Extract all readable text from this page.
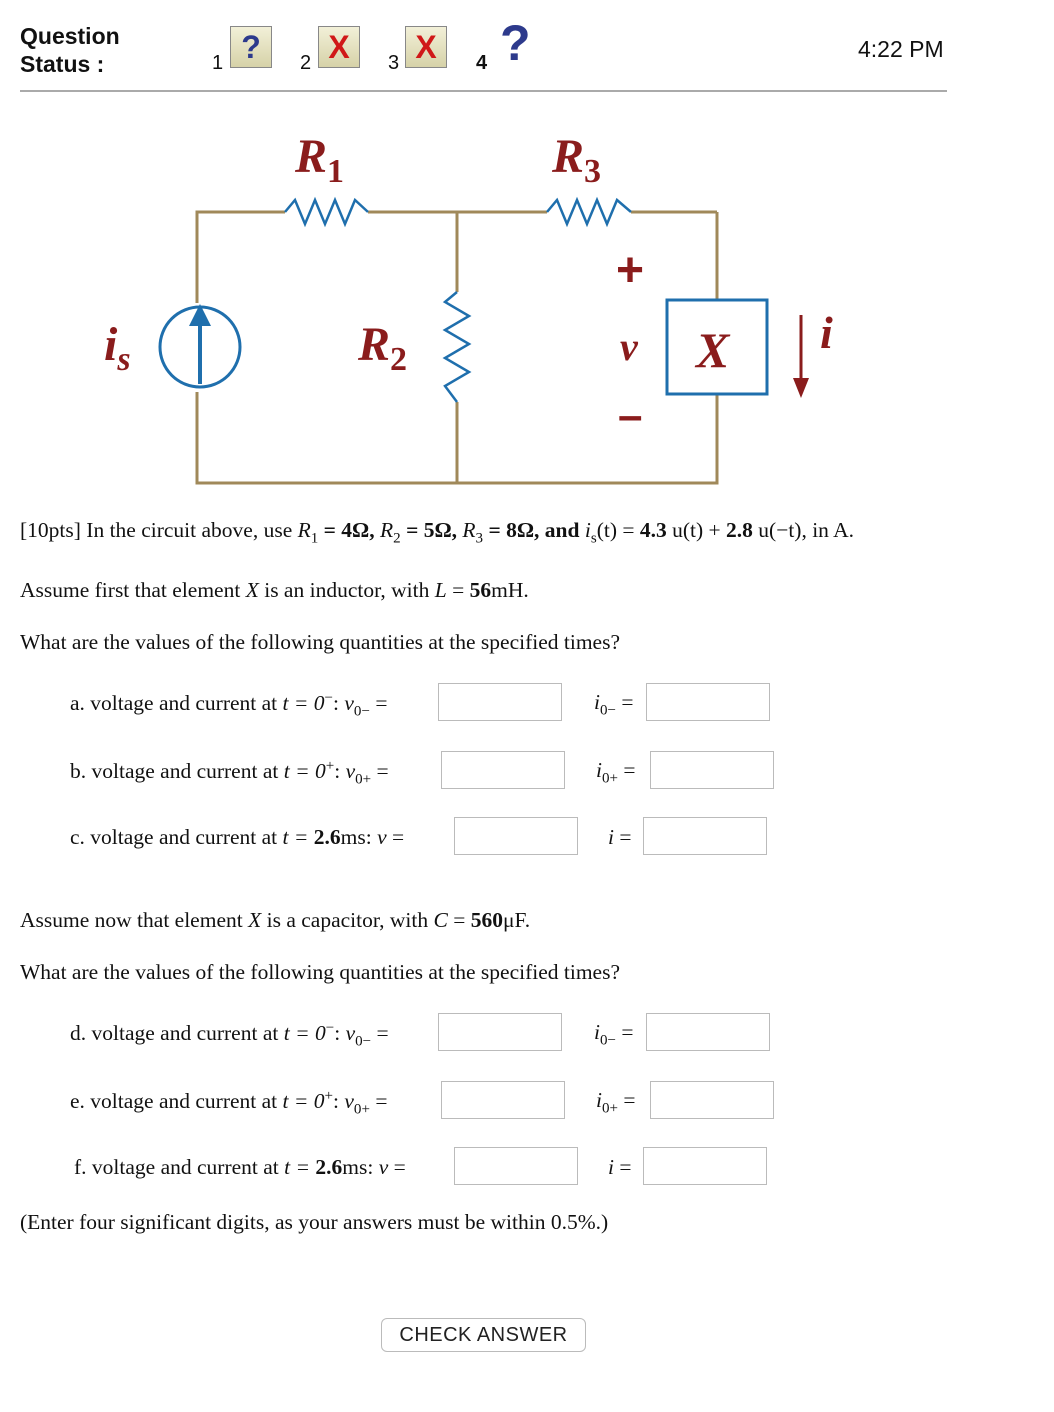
Question
Status :	1 ?	2 X	3 X	4 ?	4:22 PM
$R_1$	$R_3$
$R_2$
$i_s$	v X i
+
–
[10pts] In the circuit above, use $R_1 = 4\Omega$, $R_2 = 5\Omega$, $R_3 = 8\Omega$, and $i_s(t) = 4.3$ u(t) + 2.8 u(−t), in A.
Assume first that element X is an inductor, with L = 56mH.
What are the values of the following quantities at the specified times?
a. voltage and current at t = 0−: $v_{0-}$ =	$i_{0-}$ =
b. voltage and current at t = 0+: $v_{0+}$ =	$i_{0+}$ =
c. voltage and current at t = 2.6ms: v =	i =
Assume now that element X is a capacitor, with C = 560μF.
What are the values of the following quantities at the specified times?
d. voltage and current at t = 0−: $v_{0-}$ =	$i_{0-}$ =
e. voltage and current at t = 0+: $v_{0+}$ =	$i_{0+}$ =
f. voltage and current at t = 2.6ms: v =	i =
(Enter four significant digits, as your answers must be within 0.5%.)
CHECK ANSWER
